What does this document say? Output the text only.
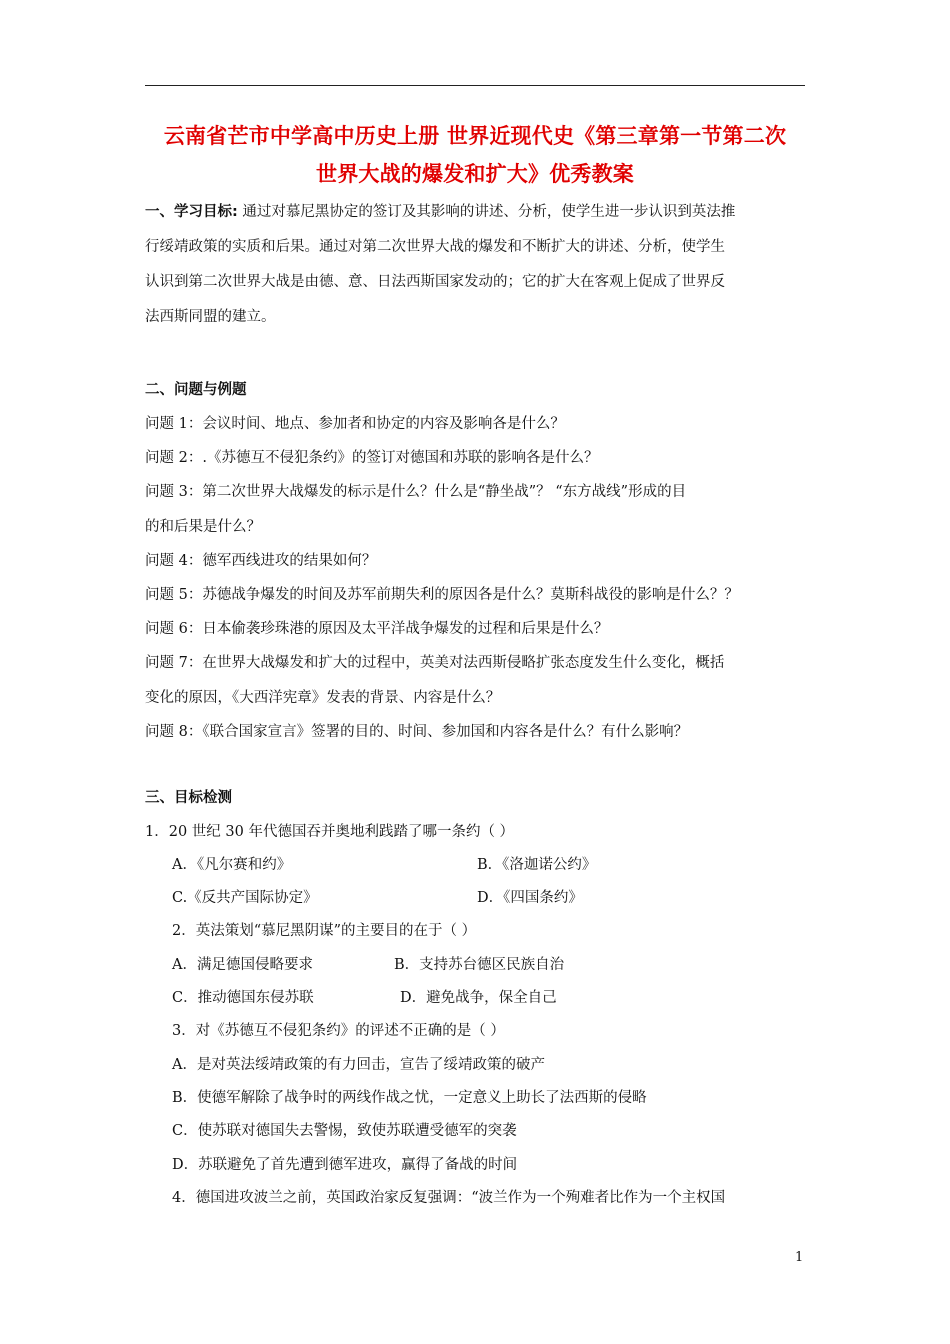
云南省芒市中学高中历史上册 世界近现代史《第三章第一节第二次
世界大战的爆发和扩大》优秀教案
一、学习目标: 通过对慕尼黑协定的签订及其影响的讲述、分析，使学生进一步认识到英法推
行绥靖政策的实质和后果。通过对第二次世界大战的爆发和不断扩大的讲述、分析，使学生
认识到第二次世界大战是由德、意、日法西斯国家发动的；它的扩大在客观上促成了世界反
法西斯同盟的建立。
二、问题与例题
问题 1：会议时间、地点、参加者和协定的内容及影响各是什么？
问题 2：.《苏德互不侵犯条约》的签订对德国和苏联的影响各是什么？
问题 3：第二次世界大战爆发的标示是什么？什么是“静坐战”？ “东方战线”形成的目
的和后果是什么？
问题 4：德军西线进攻的结果如何？
问题 5：苏德战争爆发的时间及苏军前期失利的原因各是什么？莫斯科战役的影响是什么？？
问题 6：日本偷袭珍珠港的原因及太平洋战争爆发的过程和后果是什么？
问题 7：在世界大战爆发和扩大的过程中，英美对法西斯侵略扩张态度发生什么变化，概括
变化的原因，《大西洋宪章》发表的背景、内容是什么？
问题 8：《联合国家宣言》签署的目的、时间、参加国和内容各是什么？有什么影响？
三、目标检测
1．20 世纪 30 年代德国吞并奥地利践踏了哪一条约（ ）
A．《凡尔赛和约》	B．《洛迦诺公约》
C.《反共产国际协定》	D．《四国条约》
2．英法策划“慕尼黑阴谋”的主要目的在于（ ）
A．满足德国侵略要求	B．支持苏台德区民族自治
C．推动德国东侵苏联	D．避免战争，保全自己
3．对《苏德互不侵犯条约》的评述不正确的是（ ）
A．是对英法绥靖政策的有力回击，宣告了绥靖政策的破产
B．使德军解除了战争时的两线作战之忧，一定意义上助长了法西斯的侵略
C．使苏联对德国失去警惕，致使苏联遭受德军的突袭
D．苏联避免了首先遭到德军进攻，赢得了备战的时间
4．德国进攻波兰之前，英国政治家反复强调：“波兰作为一个殉难者比作为一个主权国
1
